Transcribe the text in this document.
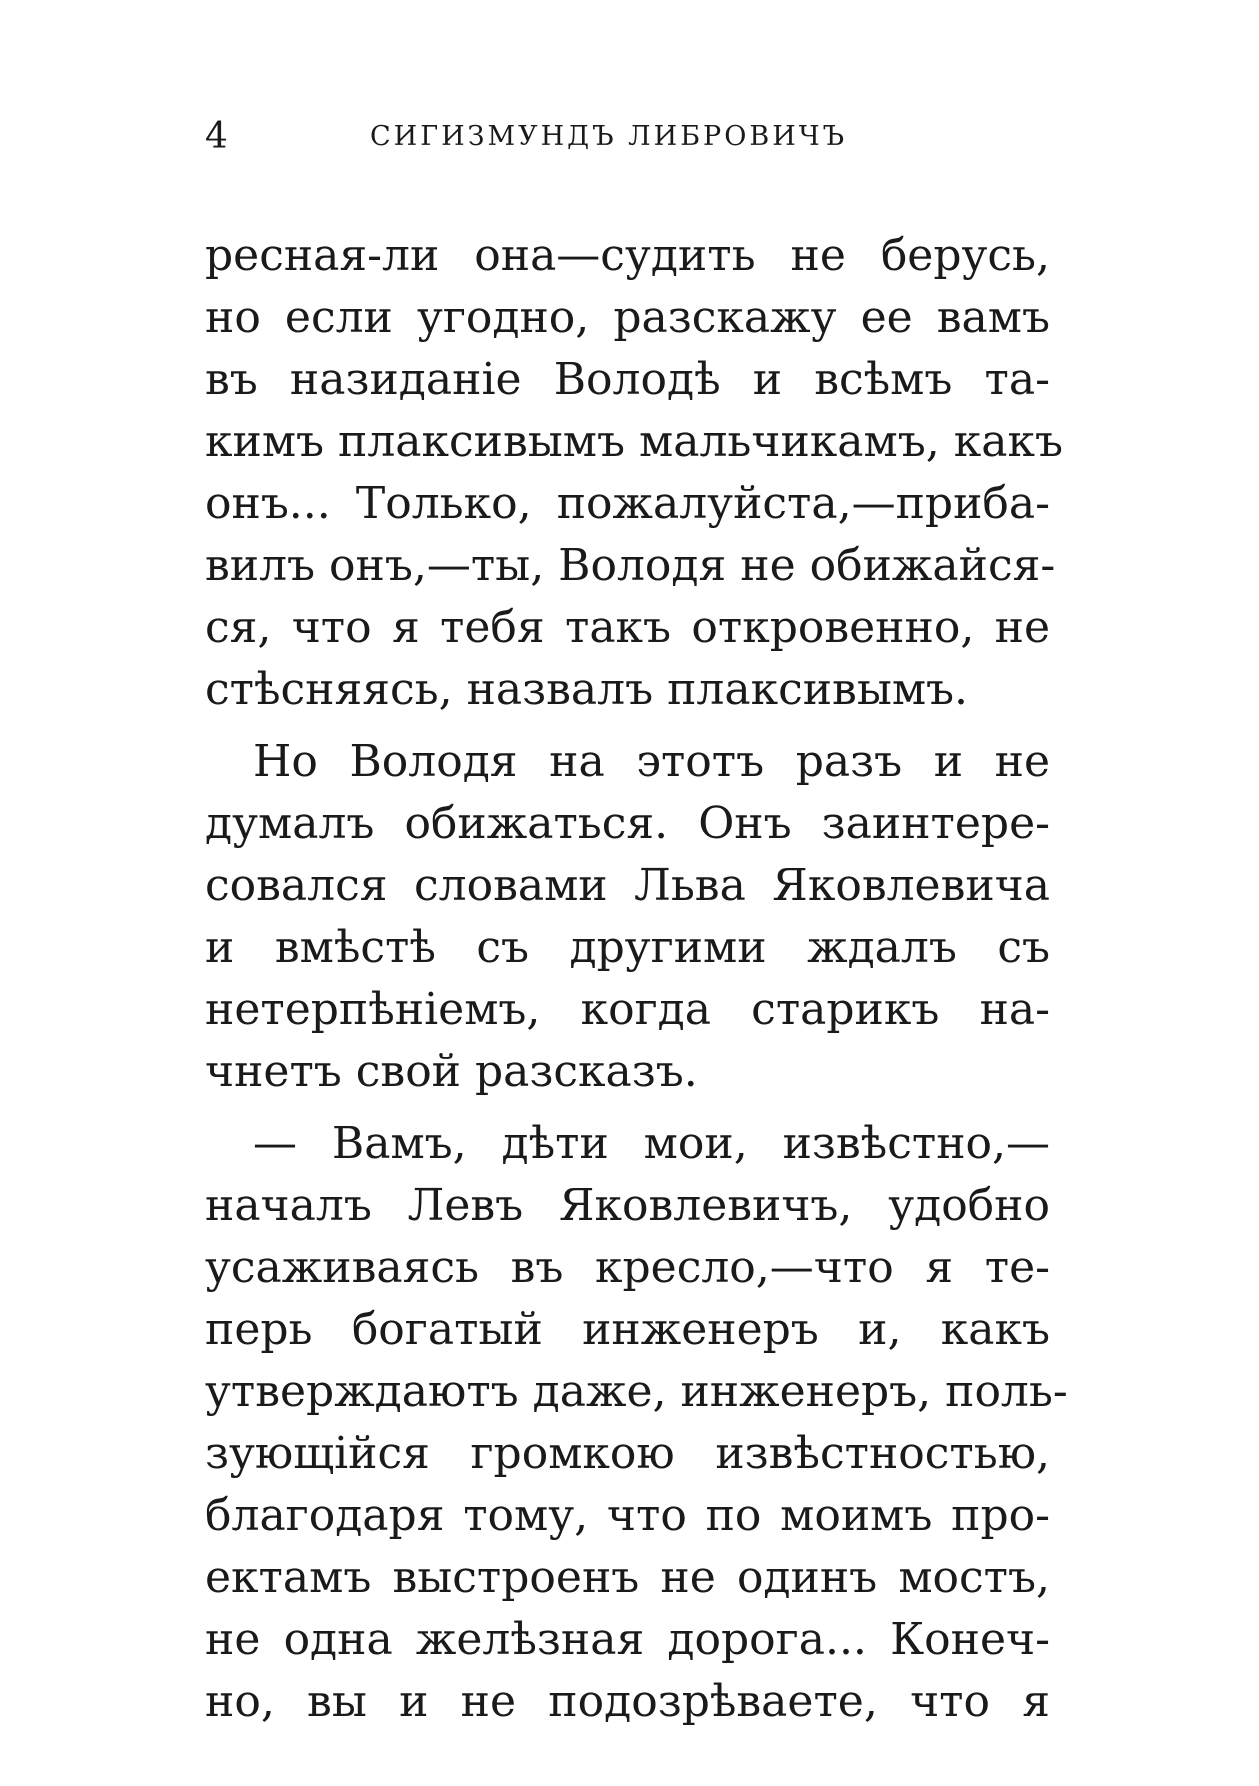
4	СИГИЗМУНДЪ ЛИБРОВИЧЪ
ресная-ли она—судить не берусь,
но если угодно, разскажу ее вамъ
въ назиданіе Володѣ и всѣмъ та-
кимъ плаксивымъ мальчикамъ, какъ
онъ... Только, пожалуйста,—приба-
вилъ онъ,—ты, Володя не обижайся-
ся, что я тебя такъ откровенно, не
стѣсняясь, назвалъ плаксивымъ.
Но Володя на этотъ разъ и не
думалъ обижаться. Онъ заинтере-
совался словами Льва Яковлевича
и вмѣстѣ съ другими ждалъ съ
нетерпѣніемъ, когда старикъ на-
чнетъ свой разсказъ.
— Вамъ, дѣти мои, извѣстно,—
началъ Левъ Яковлевичъ, удобно
усаживаясь въ кресло,—что я те-
перь богатый инженеръ и, какъ
утверждаютъ даже, инженеръ, поль-
зующійся громкою извѣстностью,
благодаря тому, что по моимъ про-
ектамъ выстроенъ не одинъ мостъ,
не одна желѣзная дорога... Конеч-
но, вы и не подозрѣваете, что я
